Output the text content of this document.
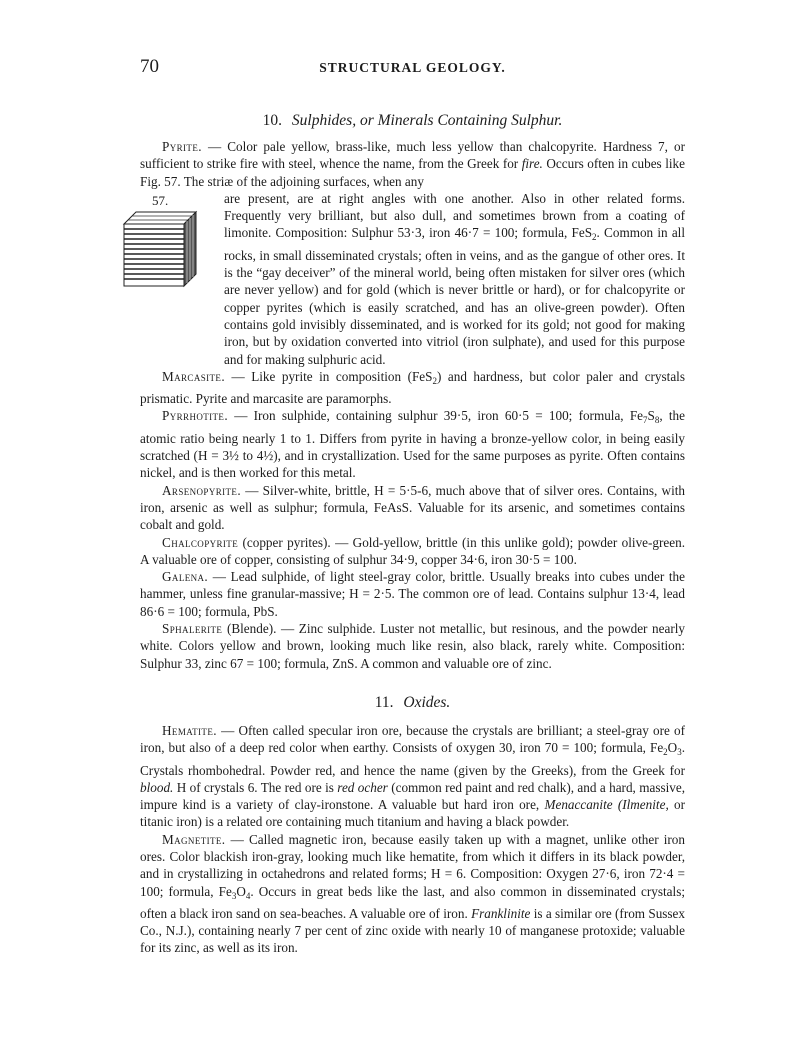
70	STRUCTURAL GEOLOGY.
10. Sulphides, or Minerals Containing Sulphur.

Pyrite. — Color pale yellow, brass-like, much less yellow than chalcopyrite. Hardness 7, or sufficient to strike fire with steel, whence the name, from the Greek for fire. Occurs often in cubes like Fig. 57. The striæ of the adjoining surfaces, when any

57.	are present, are at right angles with one another. Also in other related forms. Frequently very brilliant, but also dull, and sometimes brown from a coating of limonite. Composition: Sulphur 53·3, iron 46·7 = 100; formula, FeS$_2$. Common in all rocks, in small disseminated crystals; often in veins, and as the gangue of other ores. It is the “gay deceiver” of the mineral world, being often mistaken for silver ores (which are never yellow) and for gold (which is never brittle or hard), or for chalcopyrite or copper pyrites (which is easily scratched, and has an olive-green powder). Often contains gold invisibly disseminated, and is worked for its gold; not good for making iron, but by oxidation converted into vitriol (iron sulphate), and used for this purpose and for making sulphuric acid.

Marcasite. — Like pyrite in composition (FeS$_2$) and hardness, but color paler and crystals prismatic. Pyrite and marcasite are paramorphs.

Pyrrhotite. — Iron sulphide, containing sulphur 39·5, iron 60·5 = 100; formula, $Fe_7S_8$, the atomic ratio being nearly 1 to 1. Differs from pyrite in having a bronze-yellow color, in being easily scratched (H = 3½ to 4½), and in crystallization. Used for the same purposes as pyrite. Often contains nickel, and is then worked for this metal.

Arsenopyrite. — Silver-white, brittle, H = 5·5-6, much above that of silver ores. Contains, with iron, arsenic as well as sulphur; formula, FeAsS. Valuable for its arsenic, and sometimes contains cobalt and gold.

Chalcopyrite (copper pyrites). — Gold-yellow, brittle (in this unlike gold); powder olive-green. A valuable ore of copper, consisting of sulphur 34·9, copper 34·6, iron 30·5 = 100.

Galena. — Lead sulphide, of light steel-gray color, brittle. Usually breaks into cubes under the hammer, unless fine granular-massive; H = 2·5. The common ore of lead. Contains sulphur 13·4, lead 86·6 = 100; formula, PbS.

Sphalerite (Blende). — Zinc sulphide. Luster not metallic, but resinous, and the powder nearly white. Colors yellow and brown, looking much like resin, also black, rarely white. Composition: Sulphur 33, zinc 67 = 100; formula, ZnS. A common and valuable ore of zinc.

11. Oxides.

Hematite. — Often called specular iron ore, because the crystals are brilliant; a steel-gray ore of iron, but also of a deep red color when earthy. Consists of oxygen 30, iron 70 = 100; formula, $Fe_2O_3$. Crystals rhombohedral. Powder red, and hence the name (given by the Greeks), from the Greek for blood. H of crystals 6. The red ore is red ocher (common red paint and red chalk), and a hard, massive, impure kind is a variety of clay-ironstone. A valuable but hard iron ore, Menaccanite (Ilmenite, or titanic iron) is a related ore containing much titanium and having a black powder.

Magnetite. — Called magnetic iron, because easily taken up with a magnet, unlike other iron ores. Color blackish iron-gray, looking much like hematite, from which it differs in its black powder, and in crystallizing in octahedrons and related forms; H = 6. Composition: Oxygen 27·6, iron 72·4 = 100; formula, $Fe_3O_4$. Occurs in great beds like the last, and also common in disseminated crystals; often a black iron sand on sea-beaches. A valuable ore of iron. Franklinite is a similar ore (from Sussex Co., N.J.), containing nearly 7 per cent of zinc oxide with nearly 10 of manganese protoxide; valuable for its zinc, as well as its iron.
